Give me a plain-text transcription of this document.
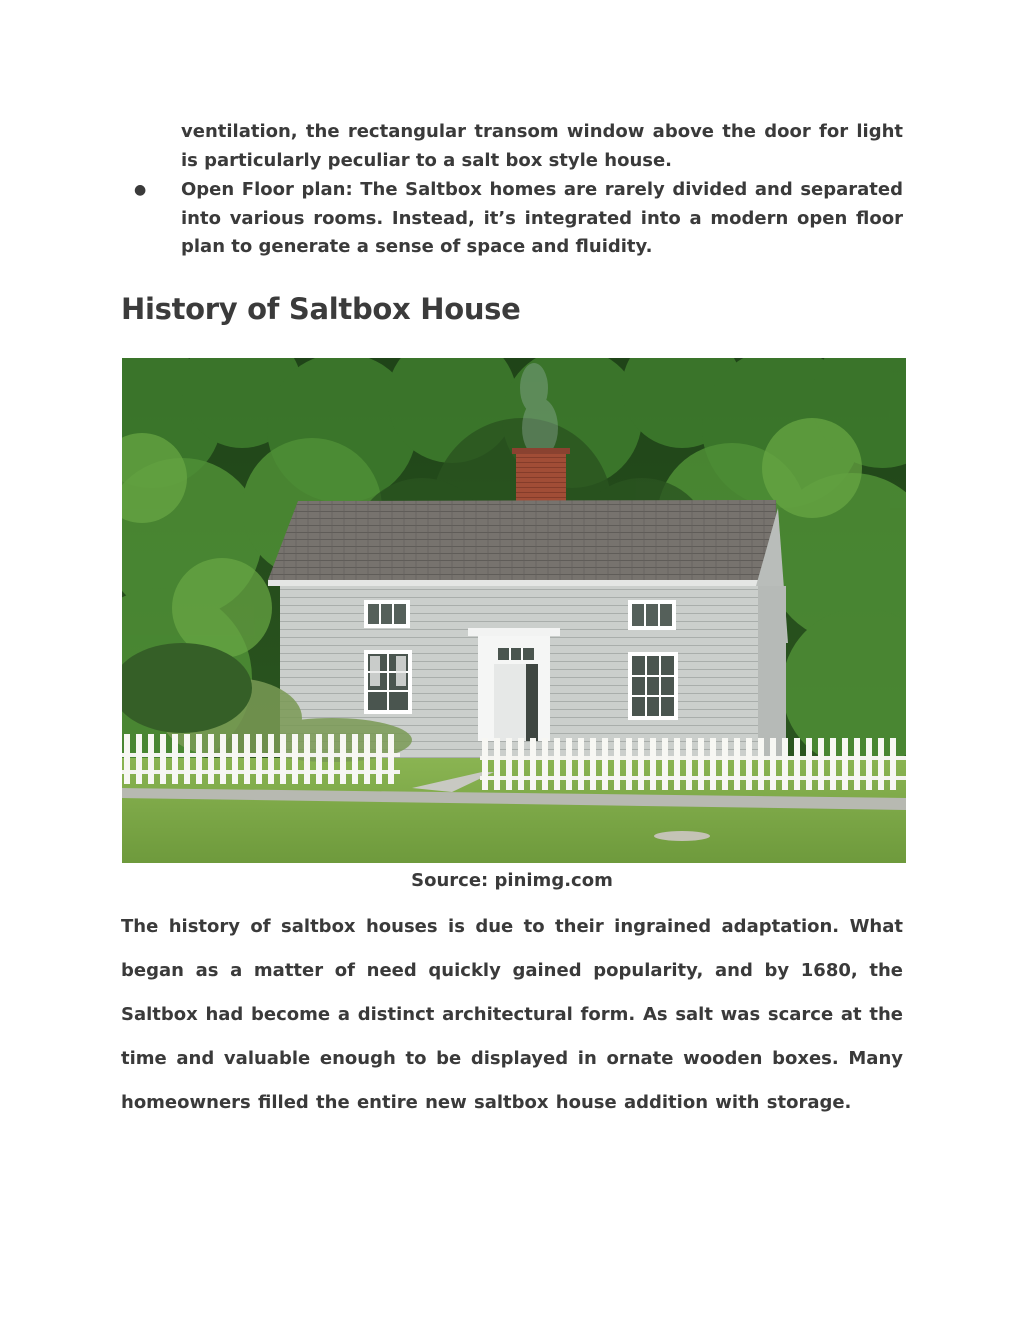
ventilation, the rectangular transom window above the door for light is particularly peculiar to a salt box style house.
● Open Floor plan: The Saltbox homes are rarely divided and separated into various rooms. Instead, it’s integrated into a modern open floor plan to generate a sense of space and fluidity.
History of Saltbox House
Source: pinimg.com

The history of saltbox houses is due to their ingrained adaptation. What began as a matter of need quickly gained popularity, and by 1680, the Saltbox had become a distinct architectural form. As salt was scarce at the time and valuable enough to be displayed in ornate wooden boxes. Many homeowners filled the entire new saltbox house addition with storage.
